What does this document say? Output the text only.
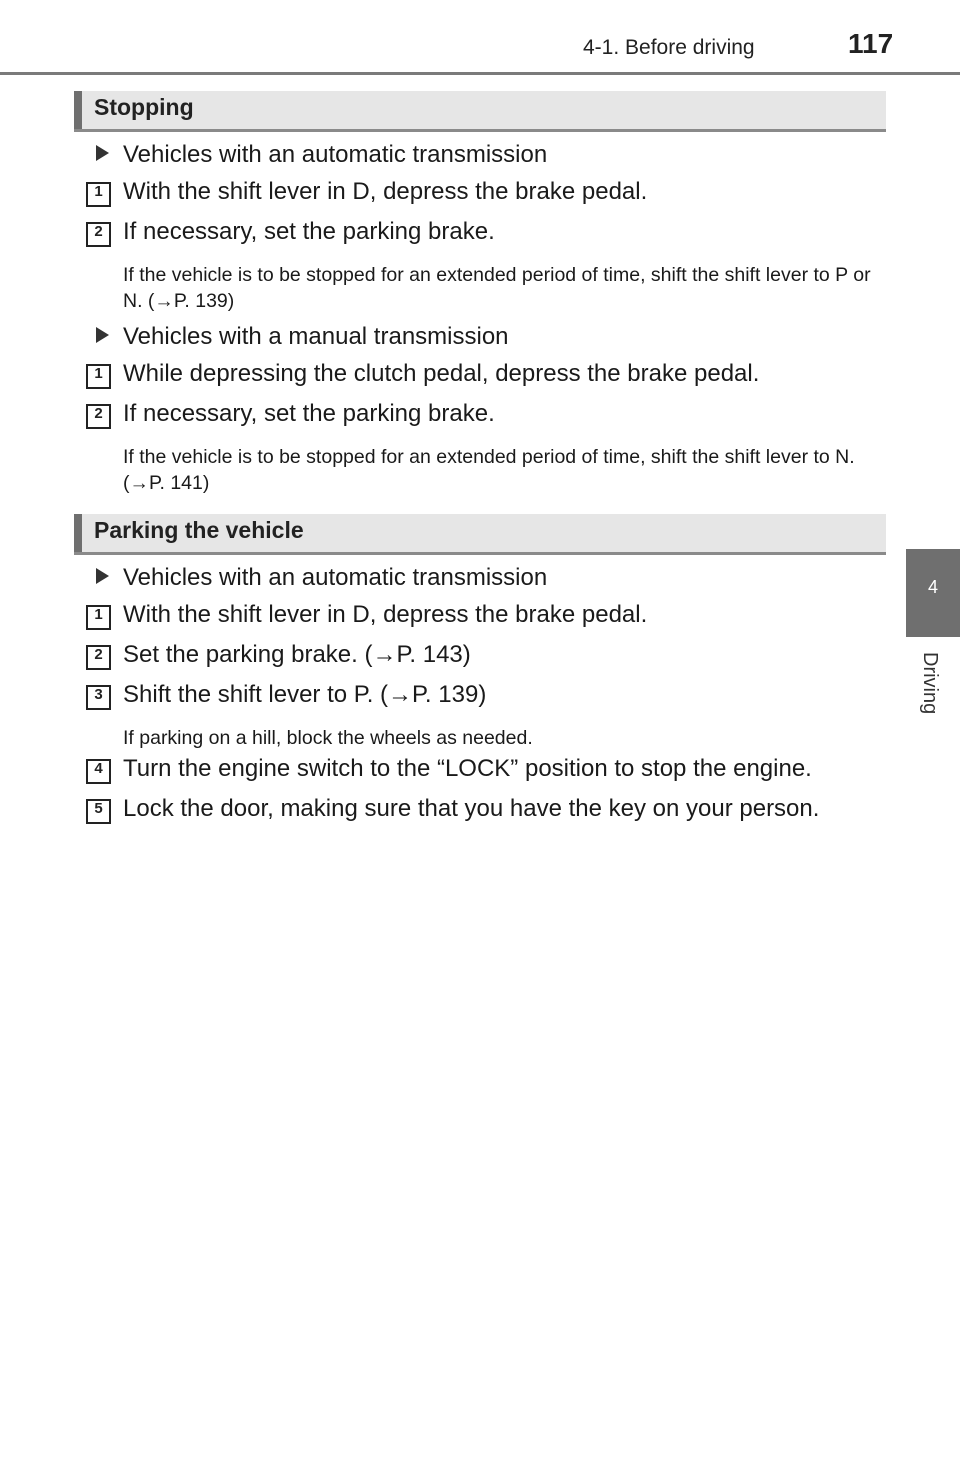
4-1. Before driving	117
4
Driving
Stopping
Vehicles with an automatic transmission
1 With the shift lever in D, depress the brake pedal.
2 If necessary, set the parking brake.
If the vehicle is to be stopped for an extended period of time, shift the shift lever to P or N. (→P. 139)
Vehicles with a manual transmission
1 While depressing the clutch pedal, depress the brake pedal.
2 If necessary, set the parking brake.
If the vehicle is to be stopped for an extended period of time, shift the shift lever to N. (→P. 141)
Parking the vehicle
Vehicles with an automatic transmission
1 With the shift lever in D, depress the brake pedal.
2 Set the parking brake. (→P. 143)
3 Shift the shift lever to P. (→P. 139)
If parking on a hill, block the wheels as needed.
4 Turn the engine switch to the “LOCK” position to stop the engine.
5 Lock the door, making sure that you have the key on your person.
